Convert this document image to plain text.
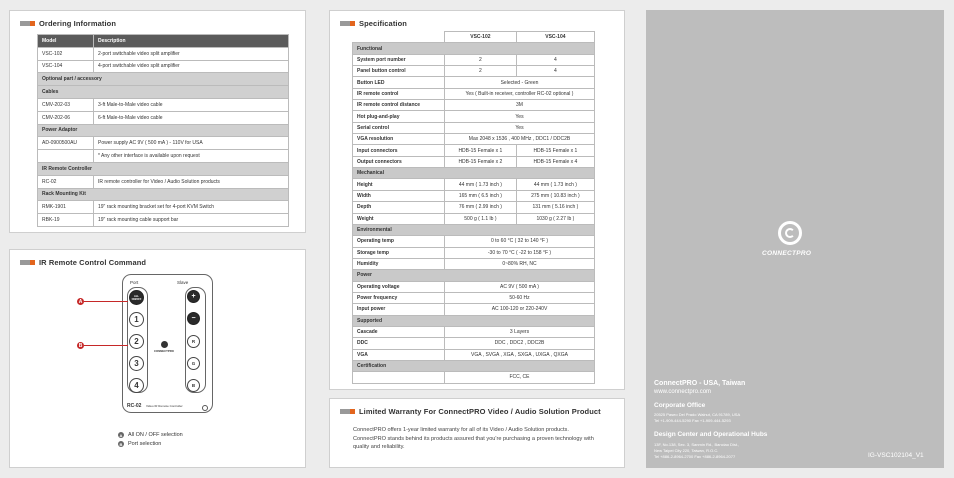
Ordering Information
Model	Description
VSC-102	2-port switchable video split amplifier
VSC-104	4-port switchable video split amplifier
Optional part / accessory	
Cables	
CMV-202-03	3-ft Male-to-Male video cable
CMV-202-06	6-ft Male-to-Male video cable
Power Adaptor	
AD-0900500AU	Power supply AC 9V ( 500 mA ) - 110V for USA
	* Any other interface is available upon request
IR Remote Controller	
RC-02	IR remote controller for Video / Audio Solution products
Rack Mounting Kit	
RMK-1901	19" rack mounting bracket set for 4-port KVM Switch
RBK-19	19" rack mounting cable support bar
IR Remote Control Command
Port	Slave
ALL ON/OFF
1
2
3
4
+
−
R
G
B
CONNECTPRO
RC-02 Video IR Remote Controller
A
B
A All ON / OFF selection
B Port selection
Specification
	VSC-102	VSC-104
Functional		
System port number	2	4
Panel button control	2	4
Button LED	Selected - Green	
IR remote control	Yes ( Built-in receiver, controller RC-02 optional )	
IR remote control distance	3M	
Hot plug-and-play	Yes	
Serial control	Yes	
VGA resolution	Max 2048 x 1536 , 400 MHz , DDC1 / DDC2B	
Input connectors	HDB-15 Female x 1	HDB-15 Female x 1
Output connectors	HDB-15 Female x 2	HDB-15 Female x 4
Mechanical		
Height	44 mm ( 1.73 inch )	44 mm ( 1.73 inch )
Width	165 mm ( 6.5 inch )	275 mm ( 10.83 inch )
Depth	76 mm ( 2.99 inch )	131 mm ( 5.16 inch )
Weight	500 g ( 1.1 lb )	1030 g ( 2.27 lb )
Environmental		
Operating temp	0 to 60 °C ( 32 to 140 °F )	
Storage temp	-30 to 70 °C ( -22 to 158 °F )	
Humidity	0~80% RH, NC	
Power		
Operating voltage	AC 9V ( 500 mA )	
Power frequency	50-60 Hz	
Input power	AC 100-120 or 220-240V	
Supported		
Cascade	3 Layers	
DDC	DDC , DDC2 , DDC2B	
VGA	VGA , SVGA , XGA , SXGA , UXGA , QXGA	
Certification		
	FCC, CE	
Limited Warranty For ConnectPRO Video / Audio Solution Product
ConnectPRO offers 1-year limited warranty for all of its Video / Audio Solution products. ConnectPRO stands behind its products assured that you're purchasing a proven technology with quality and reliability.
CONNECTPRO
ConnectPRO - USA, Taiwan
www.connectpro.com
Corporate Office
20525 Paseo Del Prado Walnut, CA 91789, USA
Tel +1-909-444-5290 Fax +1-909-444-5293
Design Center and Operational Hubs
13F, No.138, Sec. 3, Sanmin Rd., Banciao Dist.,
New Taipei City 220, Taiwan, R.O.C.
Tel +886-2-8964-2700 Fax +886-2-8964-2077	IG-VSC102104_V1
